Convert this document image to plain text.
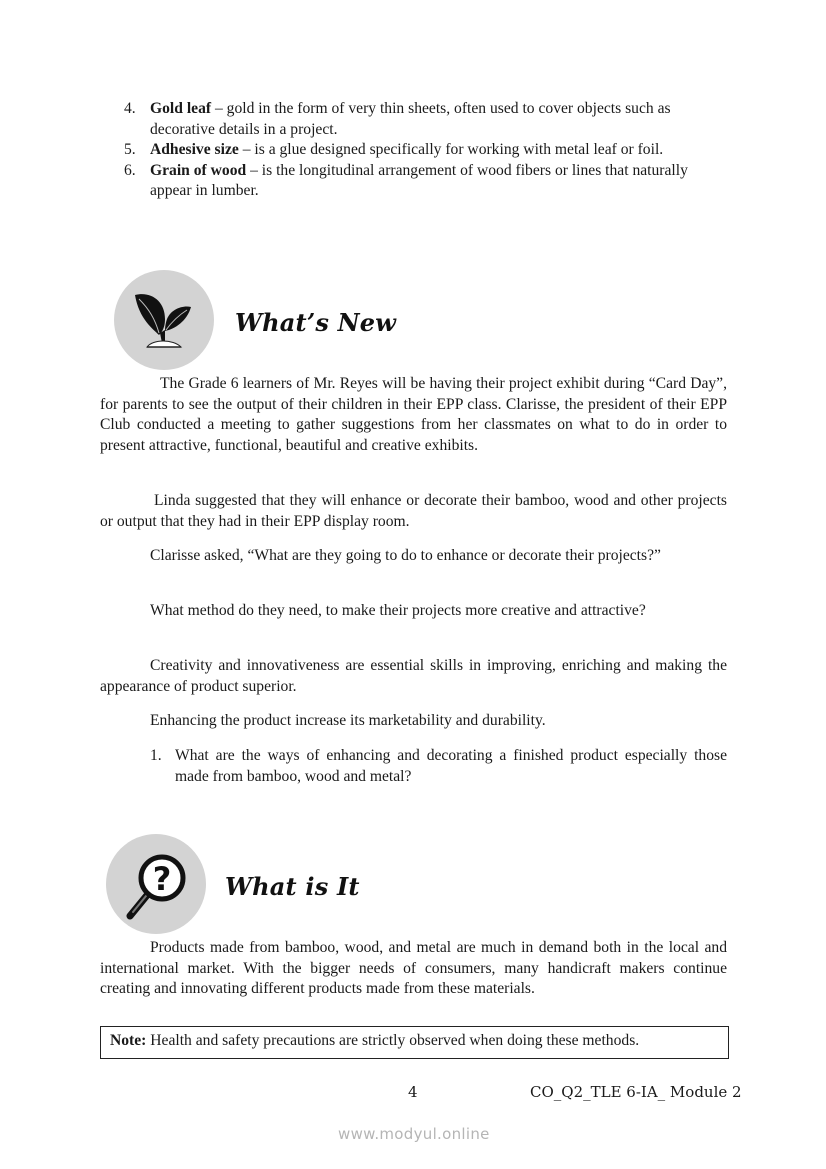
4. Gold leaf – gold in the form of very thin sheets, often used to cover objects such as decorative details in a project.
5. Adhesive size – is a glue designed specifically for working with metal leaf or foil.
6. Grain of wood – is the longitudinal arrangement of wood fibers or lines that naturally appear in lumber.
What’s New

The Grade 6 learners of Mr. Reyes will be having their project exhibit during “Card Day”, for parents to see the output of their children in their EPP class. Clarisse, the president of their EPP Club conducted a meeting to gather suggestions from her classmates on what to do in order to present attractive, functional, beautiful and creative exhibits.

Linda suggested that they will enhance or decorate their bamboo, wood and other projects or output that they had in their EPP display room.

Clarisse asked, “What are they going to do to enhance or decorate their projects?”

What method do they need, to make their projects more creative and attractive?

Creativity and innovativeness are essential skills in improving, enriching and making the appearance of product superior.

Enhancing the product increase its marketability and durability.

1. What are the ways of enhancing and decorating a finished product especially those made from bamboo, wood and metal?
? What is It

Products made from bamboo, wood, and metal are much in demand both in the local and international market. With the bigger needs of consumers, many handicraft makers continue creating and innovating different products made from these materials.

Note: Health and safety precautions are strictly observed when doing these methods.
4	CO_Q2_TLE 6-IA_ Module 2
www.modyul.online
